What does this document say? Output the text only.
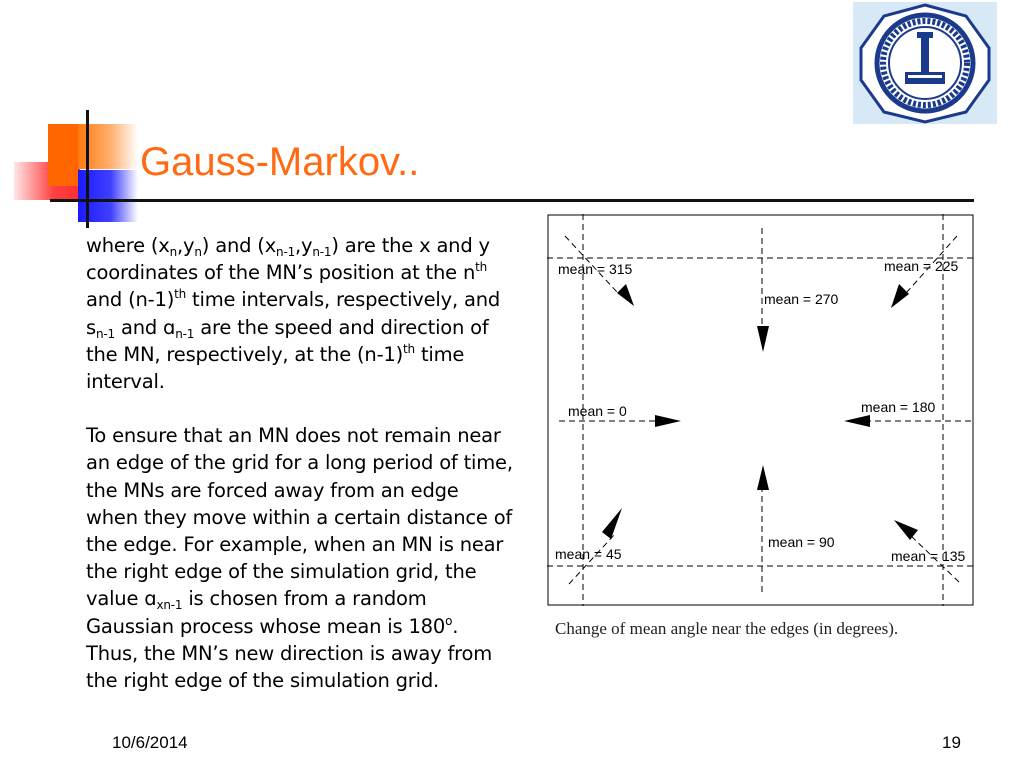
Gauss-Markov..

where $(x_n,y_n)$ and $(x_{n-1},y_{n-1})$ are the x and y coordinates of the MN’s position at the $n^{th}$ and $(n-1)^{th}$ time intervals, respectively, and $s_{n-1}$ and ɑ$_{n-1}$ are the speed and direction of the MN, respectively, at the $(n-1)^{th}$ time interval.

To ensure that an MN does not remain near an edge of the grid for a long period of time, the MNs are forced away from an edge when they move within a certain distance of the edge. For example, when an MN is near the right edge of the simulation grid, the value ɑ$_{xn-1}$ is chosen from a random Gaussian process whose mean is 180$^o$. Thus, the MN’s new direction is away from the right edge of the simulation grid.

mean = 315
mean = 270
mean = 225
mean = 0	mean = 180
mean = 45
mean = 90
mean = 135
Change of mean angle near the edges (in degrees).
10/6/2014	19
